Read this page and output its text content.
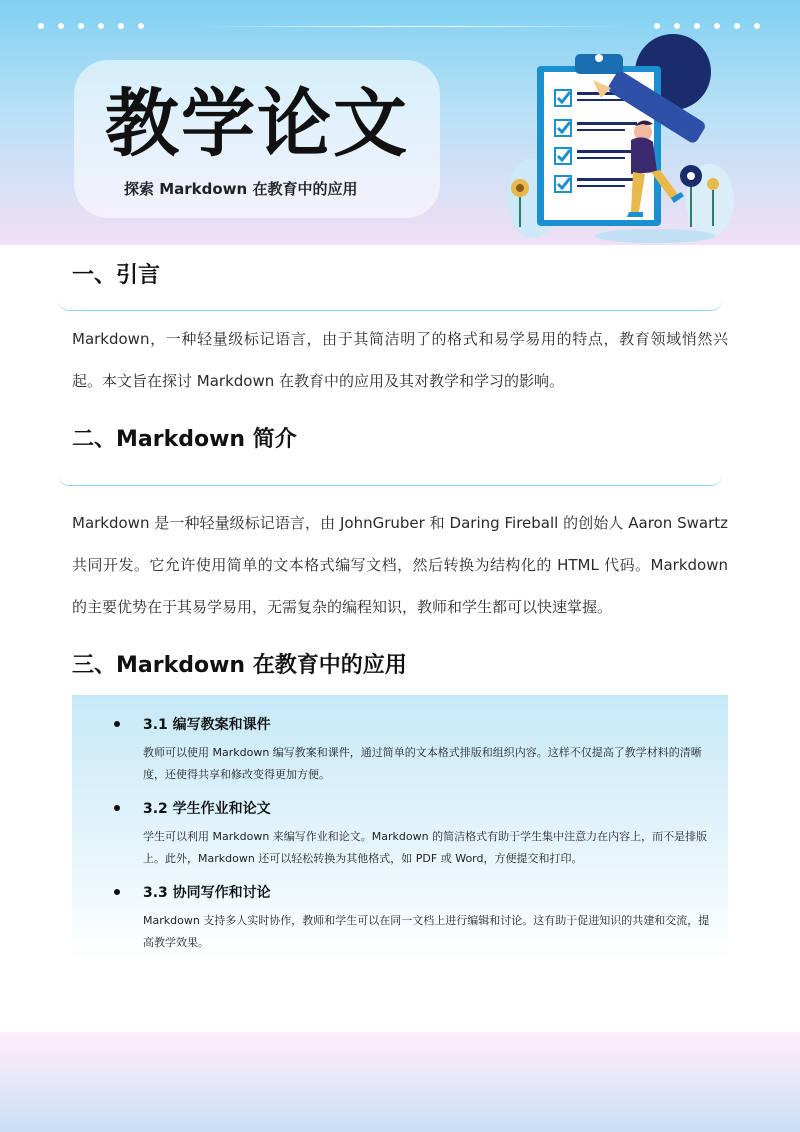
教学论文
探索 Markdown 在教育中的应用
一、引言

Markdown，一种轻量级标记语言，由于其简洁明了的格式和易学易用的特点，教育领域悄然兴起。本文旨在探讨 Markdown 在教育中的应用及其对教学和学习的影响。

二、Markdown 简介

Markdown 是一种轻量级标记语言，由 JohnGruber 和 Daring Fireball 的创始人 Aaron Swartz 共同开发。它允许使用简单的文本格式编写文档，然后转换为结构化的 HTML 代码。Markdown 的主要优势在于其易学易用，无需复杂的编程知识，教师和学生都可以快速掌握。

三、Markdown 在教育中的应用
3.1 编写教案和课件

教师可以使用 Markdown 编写教案和课件，通过简单的文本格式排版和组织内容。这样不仅提高了教学材料的清晰度，还使得共享和修改变得更加方便。

3.2 学生作业和论文

学生可以利用 Markdown 来编写作业和论文。Markdown 的简洁格式有助于学生集中注意力在内容上，而不是排版上。此外，Markdown 还可以轻松转换为其他格式，如 PDF 或 Word，方便提交和打印。

3.3 协同写作和讨论

Markdown 支持多人实时协作，教师和学生可以在同一文档上进行编辑和讨论。这有助于促进知识的共建和交流，提高教学效果。
